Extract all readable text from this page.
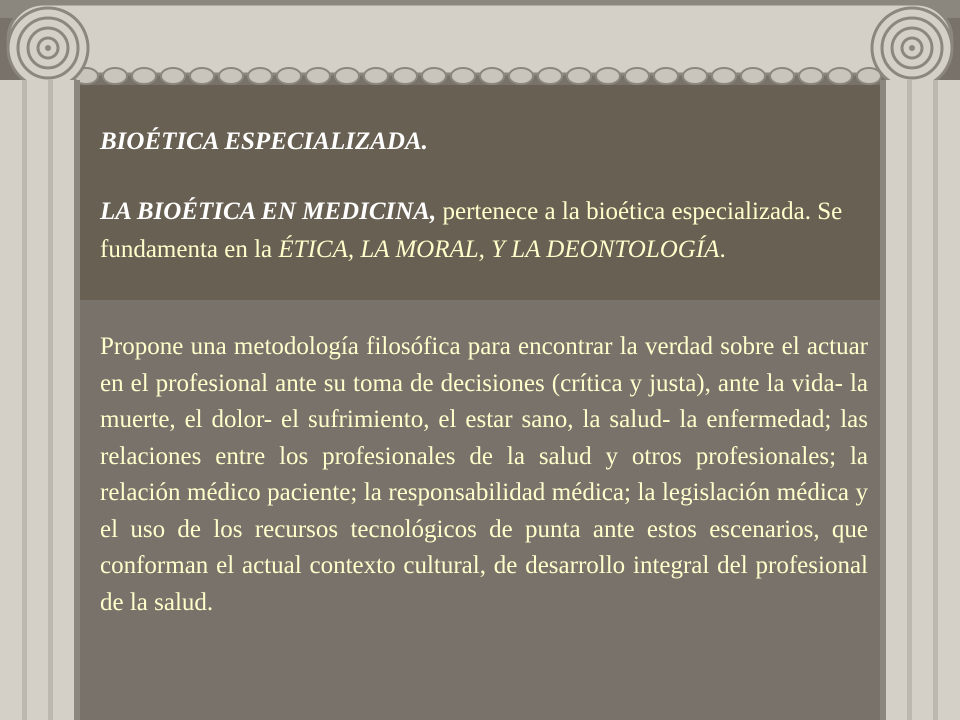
BIOÉTICA ESPECIALIZADA.

LA BIOÉTICA EN MEDICINA, pertenece a la bioética especializada. Se fundamenta en la ÉTICA, LA MORAL, Y LA DEONTOLOGÍA.

Propone una metodología filosófica para encontrar la verdad sobre el actuar en el profesional ante su toma de decisiones (crítica y justa), ante la vida- la muerte, el dolor- el sufrimiento, el estar sano, la salud- la enfermedad; las relaciones entre los profesionales de la salud y otros profesionales; la relación médico paciente; la responsabilidad médica; la legislación médica y el uso de los recursos tecnológicos de punta ante estos escenarios, que conforman el actual contexto cultural, de desarrollo integral del profesional de la salud.
